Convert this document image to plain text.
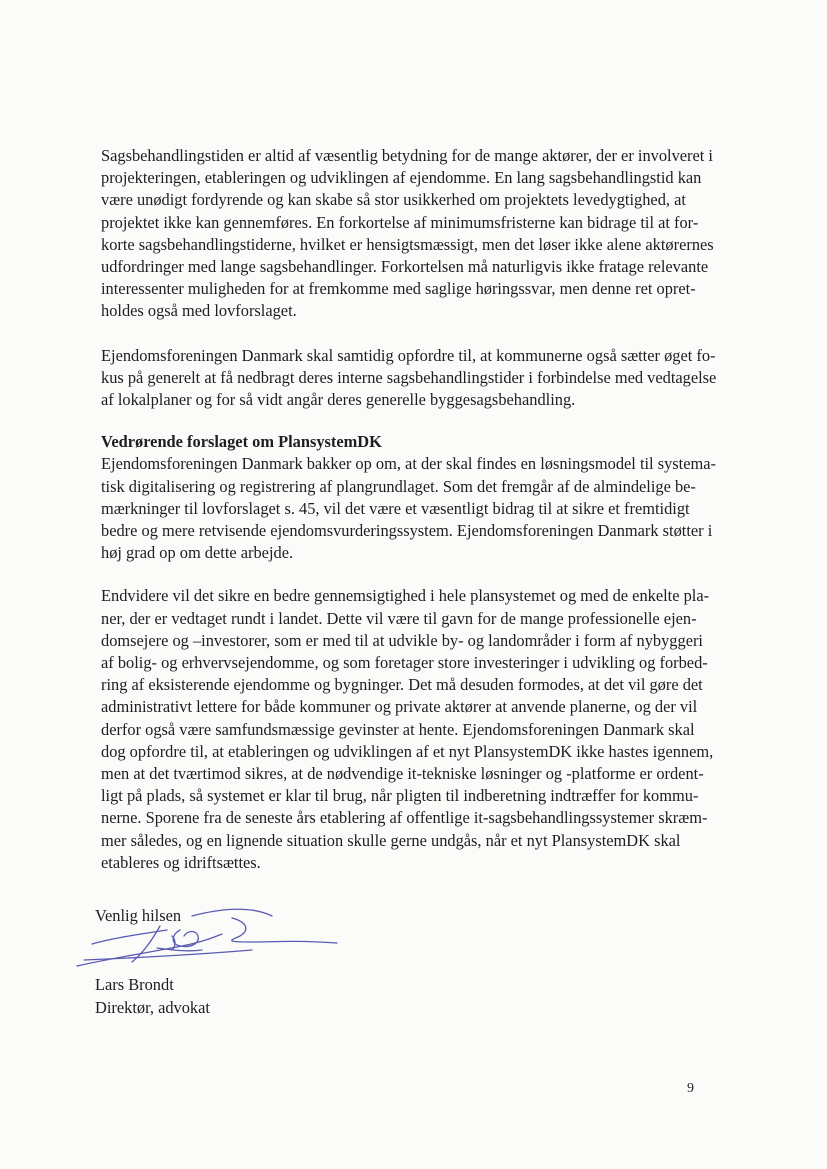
Sagsbehandlingstiden er altid af væsentlig betydning for de mange aktører, der er involveret i
projekteringen, etableringen og udviklingen af ejendomme. En lang sagsbehandlingstid kan
være unødigt fordyrende og kan skabe så stor usikkerhed om projektets levedygtighed, at
projektet ikke kan gennemføres. En forkortelse af minimumsfristerne kan bidrage til at for-
korte sagsbehandlingstiderne, hvilket er hensigtsmæssigt, men det løser ikke alene aktørernes
udfordringer med lange sagsbehandlinger. Forkortelsen må naturligvis ikke fratage relevante
interessenter muligheden for at fremkomme med saglige høringssvar, men denne ret opret-
holdes også med lovforslaget.

Ejendomsforeningen Danmark skal samtidig opfordre til, at kommunerne også sætter øget fo-
kus på generelt at få nedbragt deres interne sagsbehandlingstider i forbindelse med vedtagelse
af lokalplaner og for så vidt angår deres generelle byggesagsbehandling.

Vedrørende forslaget om PlansystemDK

Ejendomsforeningen Danmark bakker op om, at der skal findes en løsningsmodel til systema-
tisk digitalisering og registrering af plangrundlaget. Som det fremgår af de almindelige be-
mærkninger til lovforslaget s. 45, vil det være et væsentligt bidrag til at sikre et fremtidigt
bedre og mere retvisende ejendomsvurderingssystem. Ejendomsforeningen Danmark støtter i
høj grad op om dette arbejde.

Endvidere vil det sikre en bedre gennemsigtighed i hele plansystemet og med de enkelte pla-
ner, der er vedtaget rundt i landet. Dette vil være til gavn for de mange professionelle ejen-
domsejere og –investorer, som er med til at udvikle by- og landområder i form af nybyggeri
af bolig- og erhvervsejendomme, og som foretager store investeringer i udvikling og forbed-
ring af eksisterende ejendomme og bygninger. Det må desuden formodes, at det vil gøre det
administrativt lettere for både kommuner og private aktører at anvende planerne, og der vil
derfor også være samfundsmæssige gevinster at hente. Ejendomsforeningen Danmark skal
dog opfordre til, at etableringen og udviklingen af et nyt PlansystemDK ikke hastes igennem,
men at det tværtimod sikres, at de nødvendige it-tekniske løsninger og -platforme er ordent-
ligt på plads, så systemet er klar til brug, når pligten til indberetning indtræffer for kommu-
nerne. Sporene fra de seneste års etablering af offentlige it-sagsbehandlingssystemer skræm-
mer således, og en lignende situation skulle gerne undgås, når et nyt PlansystemDK skal
etableres og idriftsættes.

Venlig hilsen
Lars Brondt
Direktør, advokat
9
